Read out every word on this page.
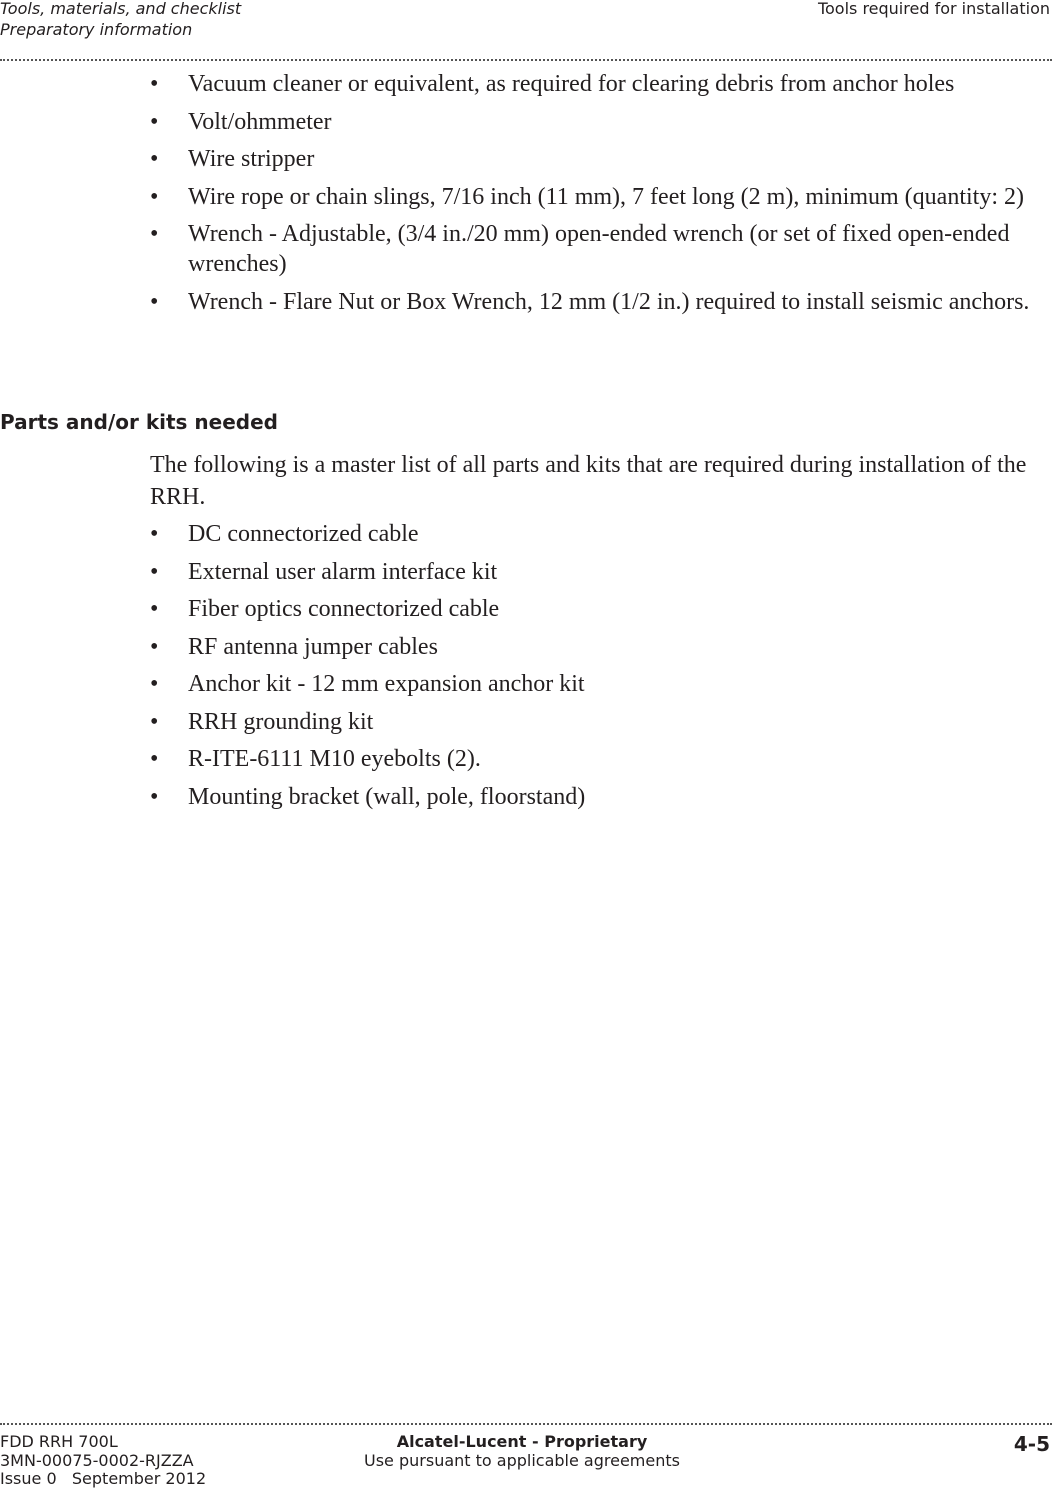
Tools, materials, and checklist
Preparatory information
Tools required for installation
•	Vacuum cleaner or equivalent, as required for clearing debris from anchor holes
•	Volt/ohmmeter
•	Wire stripper
•	Wire rope or chain slings, 7/16 inch (11 mm), 7 feet long (2 m), minimum (quantity: 2)
•	Wrench - Adjustable, (3/4 in./20 mm) open-ended wrench (or set of fixed open-ended wrenches)
•	Wrench - Flare Nut or Box Wrench, 12 mm (1/2 in.) required to install seismic anchors.
Parts and/or kits needed

The following is a master list of all parts and kits that are required during installation of the RRH.

•	DC connectorized cable
•	External user alarm interface kit
•	Fiber optics connectorized cable
•	RF antenna jumper cables
•	Anchor kit - 12 mm expansion anchor kit
•	RRH grounding kit
•	R-ITE-6111 M10 eyebolts (2).
•	Mounting bracket (wall, pole, floorstand)
FDD RRH 700L
3MN-00075-0002-RJZZA
Issue 0   September 2012
Alcatel-Lucent - Proprietary
Use pursuant to applicable agreements
4-5
